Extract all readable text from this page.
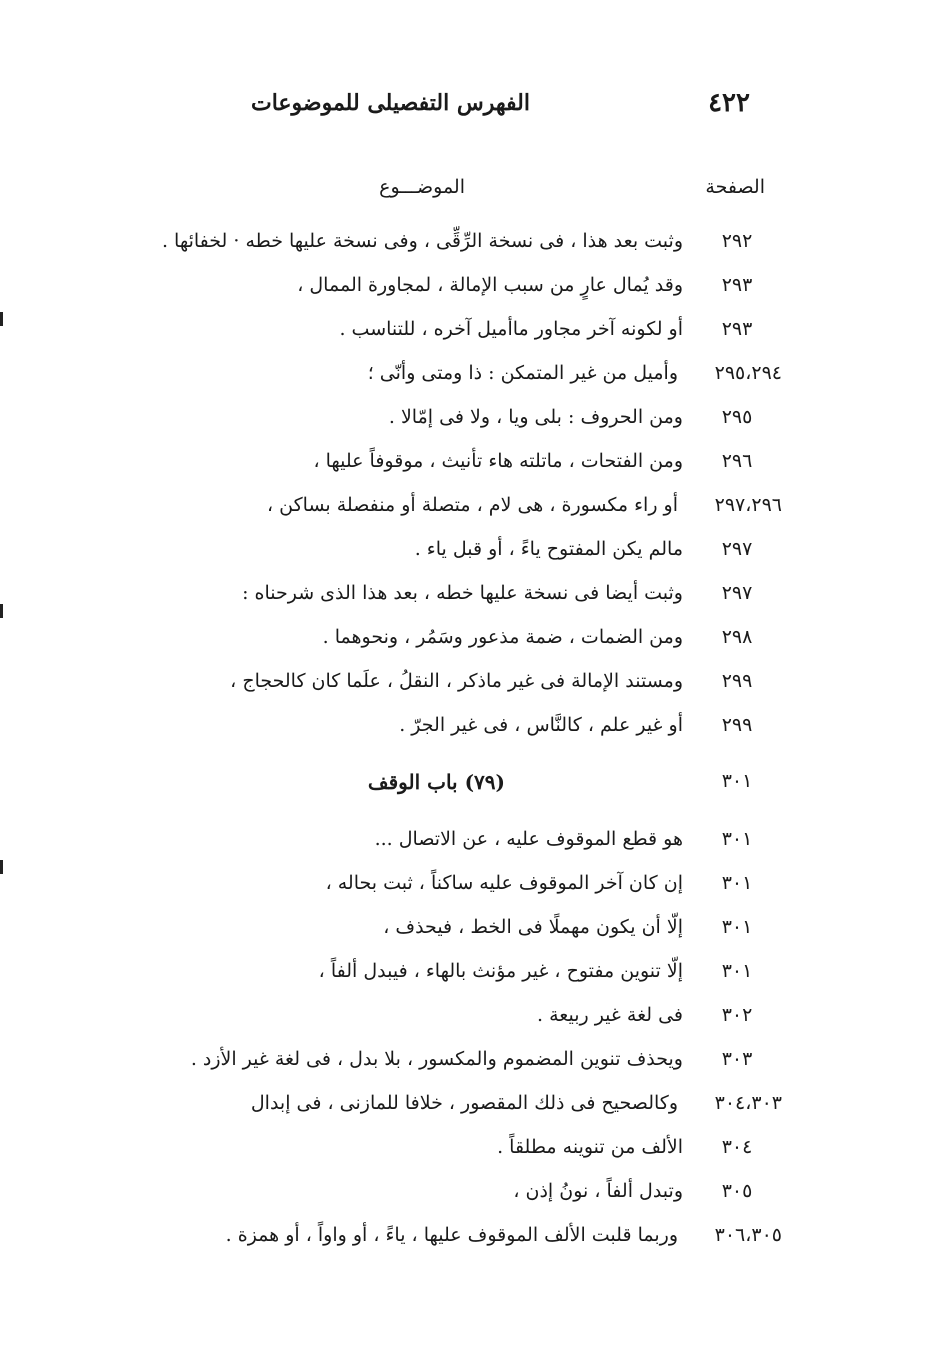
٤٢٢
الفهرس التفصيلى للموضوعات
الصفحة
الموضـــوع
٢٩٢
وثبت بعد هذا ، فى نسخة الرِّقِّى ، وفى نسخة عليها خطه · لخفائها .
٢٩٣
وقد يُمال عارٍ من سبب الإمالة ، لمجاورة الممال ،
٢٩٣
أو لكونه آخر مجاور ماأميل آخره ، للتناسب .
٢٩٥،٢٩٤
وأميل من غير المتمكن : ذا ومتى وأنّى ؛
٢٩٥
ومن الحروف : بلى ويا ، ولا فى إمّالا .
٢٩٦
ومن الفتحات ، ماتلته هاء تأنيث ، موقوفاً عليها ،
٢٩٧،٢٩٦
أو راء مكسورة ، هى لام ، متصلة أو منفصلة بساكن ،
٢٩٧
مالم يكن المفتوح ياءً ، أو قبل ياء .
٢٩٧
وثبت أيضا فى نسخة عليها خطه ، بعد هذا الذى شرحناه :
٢٩٨
ومن الضمات ، ضمة مذعور وسَمُر ، ونحوهما .
٢٩٩
ومستند الإمالة فى غير ماذكر ، النقلُ ، علَما كان كالحجاج ،
٢٩٩
أو غير علم ، كالنَّاس ، فى غير الجرّ .
٣٠١
(٧٩) باب الوقف
٣٠١
هو قطع الموقوف عليه ، عن الاتصال ...
٣٠١
إن كان آخر الموقوف عليه ساكناً ، ثبت بحاله ،
٣٠١
إلّا أن يكون مهملًا فى الخط ، فيحذف ،
٣٠١
إلّا تنوين مفتوح ، غير مؤنث بالهاء ، فيبدل ألفاً ،
٣٠٢
فى لغة غير ربيعة .
٣٠٣
ويحذف تنوين المضموم والمكسور ، بلا بدل ، فى لغة غير الأزد .
٣٠٤،٣٠٣
وكالصحيح فى ذلك المقصور ، خلافا للمازنى ، فى إبدال
٣٠٤
الألف من تنوينه مطلقاً .
٣٠٥
وتبدل ألفاً ، نونُ إذن ،
٣٠٦،٣٠٥
وربما قلبت الألف الموقوف عليها ، ياءً ، أو واواً ، أو همزة .
